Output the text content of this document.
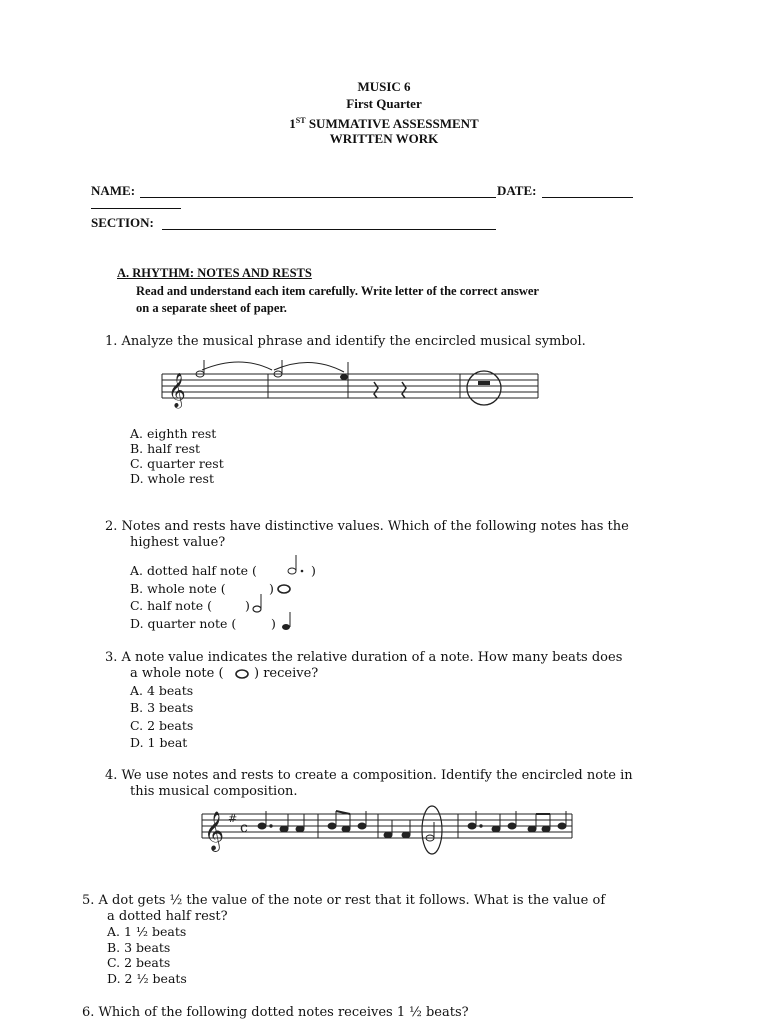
MUSIC 6
First Quarter
1ST SUMMATIVE ASSESSMENT
WRITTEN WORK
NAME:	DATE:
SECTION:
A. RHYTHM: NOTES AND RESTS
Read and understand each item carefully. Write letter of the correct answer
on a separate sheet of paper.
1. Analyze the musical phrase and identify the encircled musical symbol.
𝄞
A. eighth rest
B. half rest
C. quarter rest
D. whole rest
2. Notes and rests have distinctive values. Which of the following notes has the
highest value?
A. dotted half note (	)
B. whole note (	)
C. half note (	)
D. quarter note (	)
3. A note value indicates the relative duration of a note. How many beats does
a whole note ( ) receive?
A. 4 beats
B. 3 beats
C. 2 beats
D. 1 beat
4. We use notes and rests to create a composition. Identify the encircled note in
this musical composition.
𝄞 #
c
5. A dot gets ½ the value of the note or rest that it follows. What is the value of
a dotted half rest?
A. 1 ½ beats
B. 3 beats
C. 2 beats
D. 2 ½ beats
6. Which of the following dotted notes receives 1 ½ beats?
